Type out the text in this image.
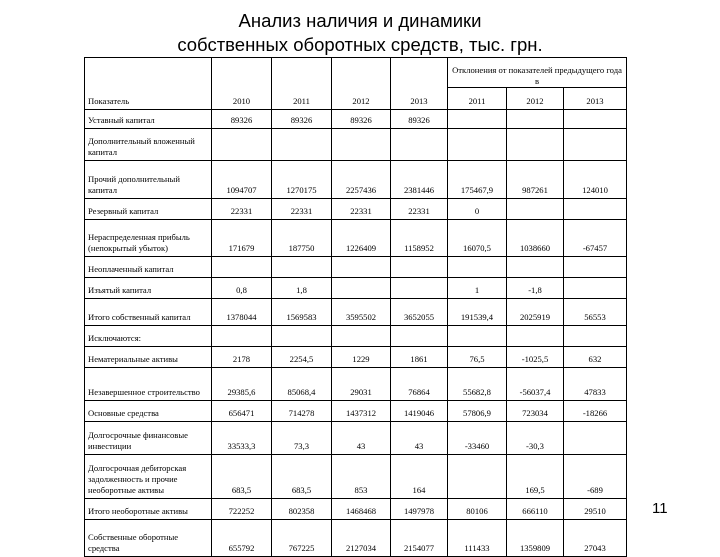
Анализ наличия и динамики
собственных оборотных средств, тыс. грн.
Показатель	2010	2011	2012	2013	Отклонения от показателей предыдущего года в		

					2011	2012	2013

Уставный капитал	89326	89326	89326	89326			

Дополнительный вложенный капитал							

Прочий дополнительный капитал	1094707	1270175	2257436	2381446	175467,9	987261	124010

Резервный капитал	22331	22331	22331	22331	0		

Нераспределенная прибыль (непокрытый убыток)	171679	187750	1226409	1158952	16070,5	1038660	-67457

Неоплаченный капитал							

Изъятый капитал	0,8	1,8			1	-1,8	

Итого собственный капитал	1378044	1569583	3595502	3652055	191539,4	2025919	56553

Исключаются:							

Нематериальные активы	2178	2254,5	1229	1861	76,5	-1025,5	632

Незавершенное строительство	29385,6	85068,4	29031	76864	55682,8	-56037,4	47833

Основные средства	656471	714278	1437312	1419046	57806,9	723034	-18266

Долгосрочные финансовые инвестиции	33533,3	73,3	43	43	-33460	-30,3	

Долгосрочная дебиторская задолженность и прочие необоротные активы	683,5	683,5	853	164		169,5	-689

Итого необоротные активы	722252	802358	1468468	1497978	80106	666110	29510

Собственные оборотные средства	655792	767225	2127034	2154077	111433	1359809	27043
11
